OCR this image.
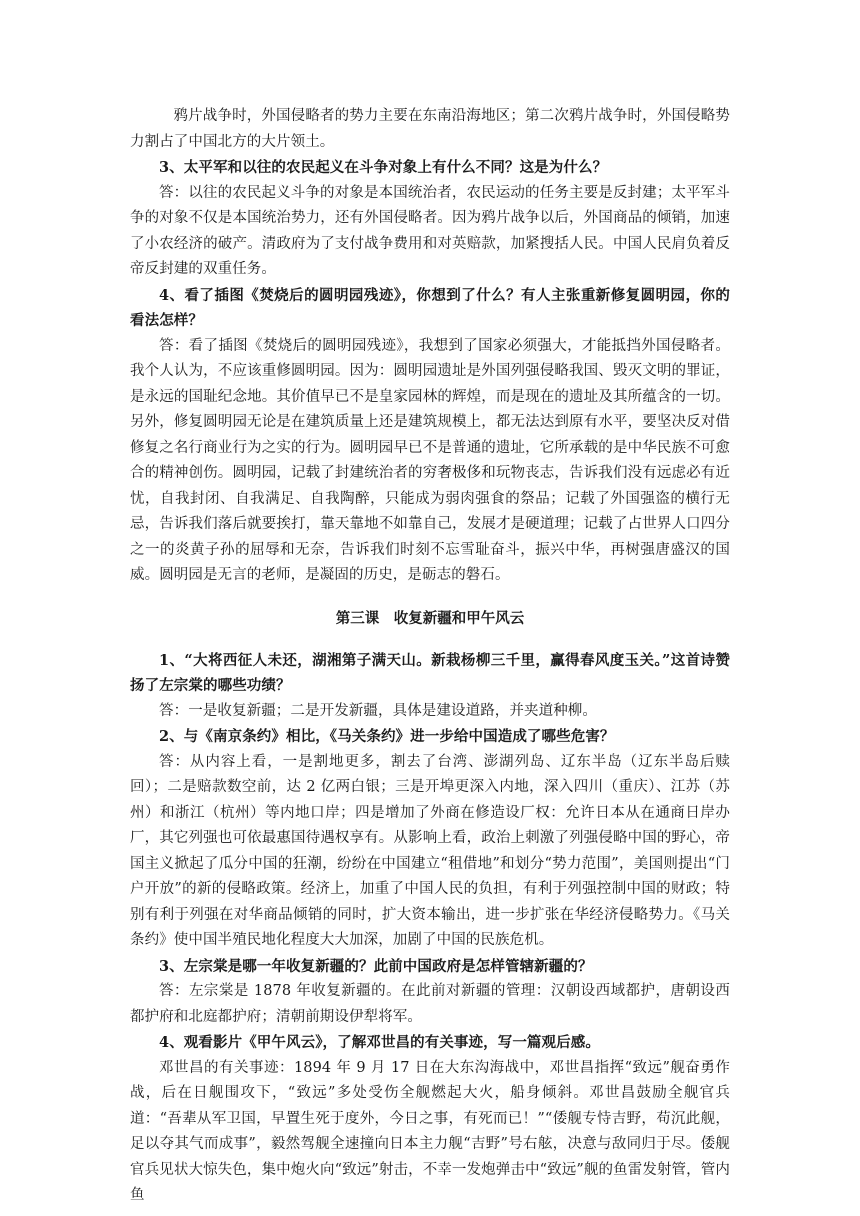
鸦片战争时，外国侵略者的势力主要在东南沿海地区；第二次鸦片战争时，外国侵略势力割占了中国北方的大片领土。

3、太平军和以往的农民起义在斗争对象上有什么不同？这是为什么？

答：以往的农民起义斗争的对象是本国统治者，农民运动的任务主要是反封建；太平军斗争的对象不仅是本国统治势力，还有外国侵略者。因为鸦片战争以后，外国商品的倾销，加速了小农经济的破产。清政府为了支付战争费用和对英赔款，加紧搜括人民。中国人民肩负着反帝反封建的双重任务。

4、看了插图《焚烧后的圆明园残迹》，你想到了什么？有人主张重新修复圆明园，你的看法怎样？

答：看了插图《焚烧后的圆明园残迹》，我想到了国家必须强大，才能抵挡外国侵略者。我个人认为，不应该重修圆明园。因为：圆明园遗址是外国列强侵略我国、毁灭文明的罪证，是永远的国耻纪念地。其价值早已不是皇家园林的辉煌，而是现在的遗址及其所蕴含的一切。另外，修复圆明园无论是在建筑质量上还是建筑规模上，都无法达到原有水平，要坚决反对借修复之名行商业行为之实的行为。圆明园早已不是普通的遗址，它所承载的是中华民族不可愈合的精神创伤。圆明园，记载了封建统治者的穷奢极侈和玩物丧志，告诉我们没有远虑必有近忧，自我封闭、自我满足、自我陶醉，只能成为弱肉强食的祭品；记载了外国强盗的横行无忌，告诉我们落后就要挨打，靠天靠地不如靠自己，发展才是硬道理；记载了占世界人口四分之一的炎黄子孙的屈辱和无奈，告诉我们时刻不忘雪耻奋斗，振兴中华，再树强唐盛汉的国威。圆明园是无言的老师，是凝固的历史，是砺志的磐石。

第三课　收复新疆和甲午风云

1、“大将西征人未还，湖湘第子满天山。新栽杨柳三千里，赢得春风度玉关。”这首诗赞扬了左宗棠的哪些功绩？

答：一是收复新疆；二是开发新疆，具体是建设道路，并夹道种柳。

2、与《南京条约》相比，《马关条约》进一步给中国造成了哪些危害？

答：从内容上看，一是割地更多，割去了台湾、澎湖列岛、辽东半岛（辽东半岛后赎回）；二是赔款数空前，达 2 亿两白银；三是开埠更深入内地，深入四川（重庆）、江苏（苏州）和浙江（杭州）等内地口岸；四是增加了外商在修造设厂权：允许日本从在通商日岸办厂，其它列强也可依最惠国待遇权享有。从影响上看，政治上刺激了列强侵略中国的野心，帝国主义掀起了瓜分中国的狂潮，纷纷在中国建立“租借地”和划分“势力范围”，美国则提出“门户开放”的新的侵略政策。经济上，加重了中国人民的负担，有利于列强控制中国的财政；特别有利于列强在对华商品倾销的同时，扩大资本输出，进一步扩张在华经济侵略势力。《马关条约》使中国半殖民地化程度大大加深，加剧了中国的民族危机。

3、左宗棠是哪一年收复新疆的？此前中国政府是怎样管辖新疆的？

答：左宗棠是 1878 年收复新疆的。在此前对新疆的管理：汉朝设西域都护，唐朝设西都护府和北庭都护府；清朝前期设伊犁将军。

4、观看影片《甲午风云》，了解邓世昌的有关事迹，写一篇观后感。

邓世昌的有关事迹：1894 年 9 月 17 日在大东沟海战中，邓世昌指挥“致远”舰奋勇作战，后在日舰围攻下，“致远”多处受伤全舰燃起大火，船身倾斜。邓世昌鼓励全舰官兵道：“吾辈从军卫国，早置生死于度外，今日之事，有死而已！”“倭舰专恃吉野，苟沉此舰，足以夺其气而成事”，毅然驾舰全速撞向日本主力舰“吉野”号右舷，决意与敌同归于尽。倭舰官兵见状大惊失色，集中炮火向“致远”射击，不幸一发炮弹击中“致远”舰的鱼雷发射管，管内鱼
